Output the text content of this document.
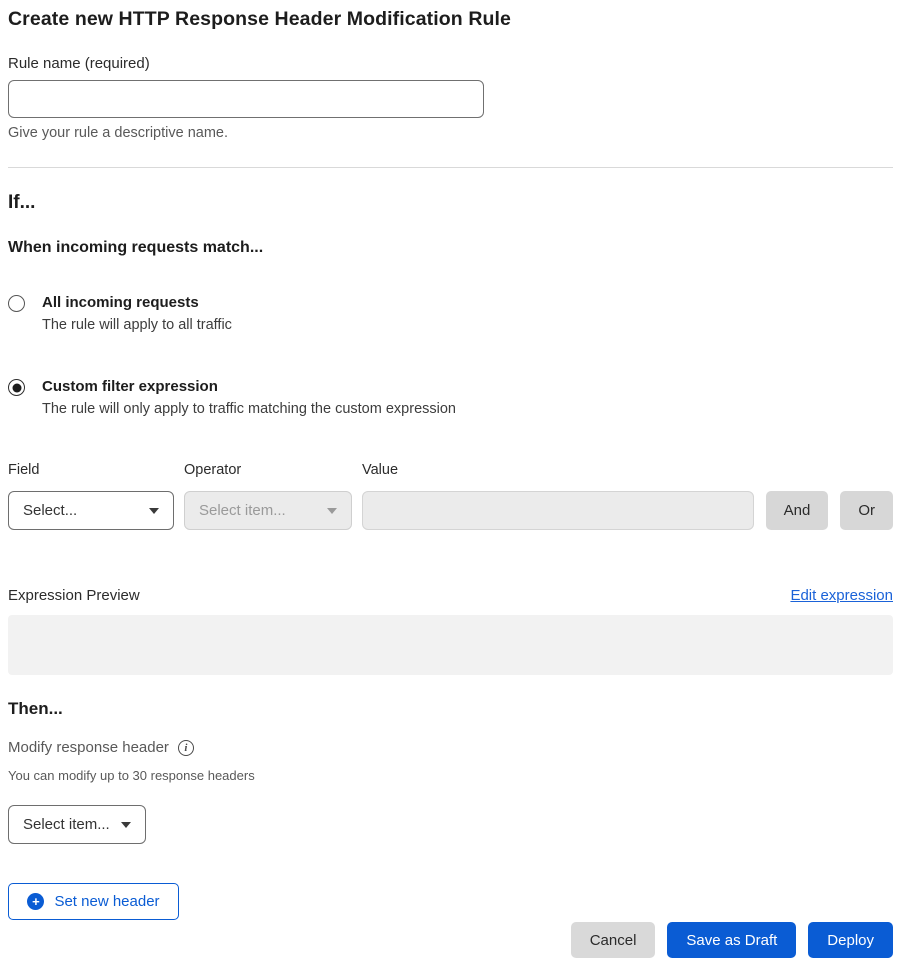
Create new HTTP Response Header Modification Rule
Rule name (required)
Give your rule a descriptive name.
If...
When incoming requests match...
All incoming requests
The rule will apply to all traffic
Custom filter expression
The rule will only apply to traffic matching the custom expression
Field
Select...
Operator
Select item...
Value
And	Or
Expression Preview	Edit expression
Then...
Modify response header
i
You can modify up to 30 response headers
Select item...
+
Set new header
Cancel	Save as Draft	Deploy
